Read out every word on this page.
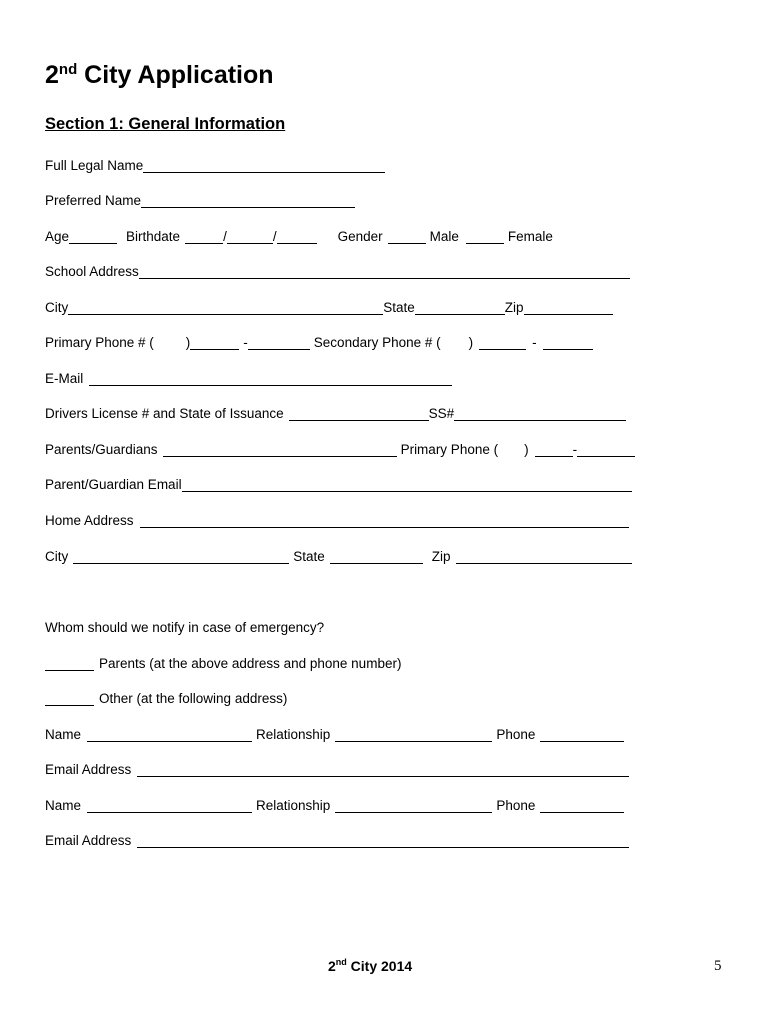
2nd City Application
Section 1: General Information
Full Legal Name
Preferred Name
Age	Birthdate	/	/	Gender	Male	Female
School Address
City	State	Zip
Primary Phone # ( )	-	Secondary Phone # ( )	-
E-Mail
Drivers License # and State of Issuance	SS#
Parents/Guardians	Primary Phone ( )	-
Parent/Guardian Email
Home Address
City	State	Zip
Whom should we notify in case of emergency?
Parents (at the above address and phone number)
Other (at the following address)
Name	Relationship	Phone
Email Address
Name	Relationship	Phone
Email Address
2nd City 2014	5
